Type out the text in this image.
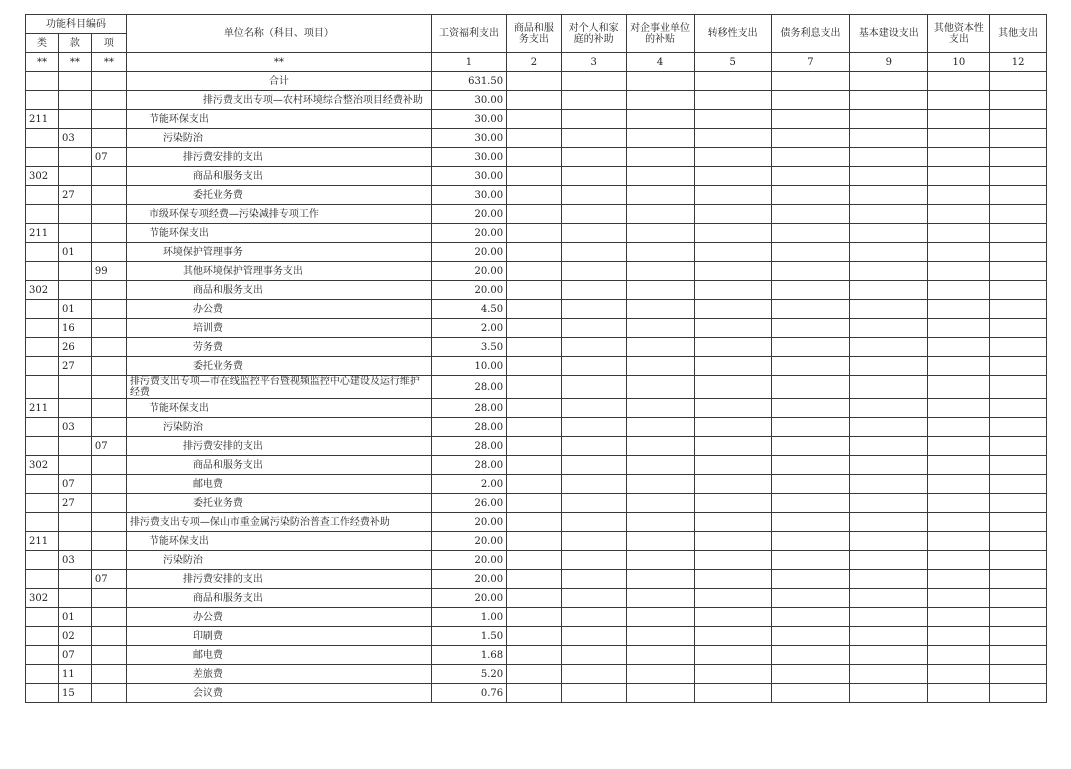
功能科目编码			单位名称（科目、项目）	工资福利支出	商品和服务支出	对个人和家庭的补助	对企事业单位的补贴	转移性支出	债务利息支出	基本建设支出	其他资本性支出	其他支出
类	款	项										
**	**	**	**	1	2	3	4	5	7	9	10	12
			合计	631.50								
			排污费支出专项—农村环境综合整治项目经费补助	30.00								
211			节能环保支出	30.00								
	03		污染防治	30.00								
		07	排污费安排的支出	30.00								
302			商品和服务支出	30.00								
	27		委托业务费	30.00								
			市级环保专项经费—污染减排专项工作	20.00								
211			节能环保支出	20.00								
	01		环境保护管理事务	20.00								
		99	其他环境保护管理事务支出	20.00								
302			商品和服务支出	20.00								
	01		办公费	4.50								
	16		培训费	2.00								
	26		劳务费	3.50								
	27		委托业务费	10.00								
			排污费支出专项—市在线监控平台暨视频监控中心建设及运行维护经费	28.00								
211			节能环保支出	28.00								
	03		污染防治	28.00								
		07	排污费安排的支出	28.00								
302			商品和服务支出	28.00								
	07		邮电费	2.00								
	27		委托业务费	26.00								
			排污费支出专项—保山市重金属污染防治普查工作经费补助	20.00								
211			节能环保支出	20.00								
	03		污染防治	20.00								
		07	排污费安排的支出	20.00								
302			商品和服务支出	20.00								
	01		办公费	1.00								
	02		印刷费	1.50								
	07		邮电费	1.68								
	11		差旅费	5.20								
	15		会议费	0.76								
